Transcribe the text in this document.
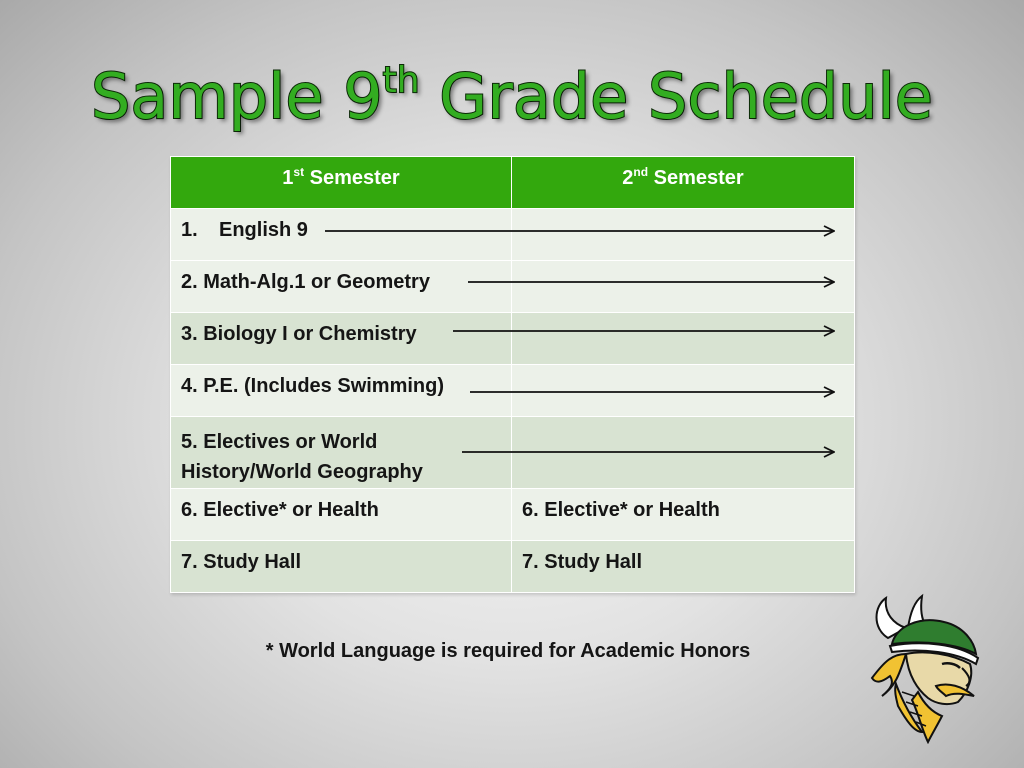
Sample 9th Grade Schedule
1st Semester	2nd Semester
1. English 9	
2. Math-Alg.1 or Geometry	
3. Biology I or Chemistry	
4. P.E. (Includes Swimming)	
5. Electives or World
History/World Geography	
6. Elective* or Health	6. Elective* or Health
7. Study Hall	7. Study Hall
* World Language is required for Academic Honors
